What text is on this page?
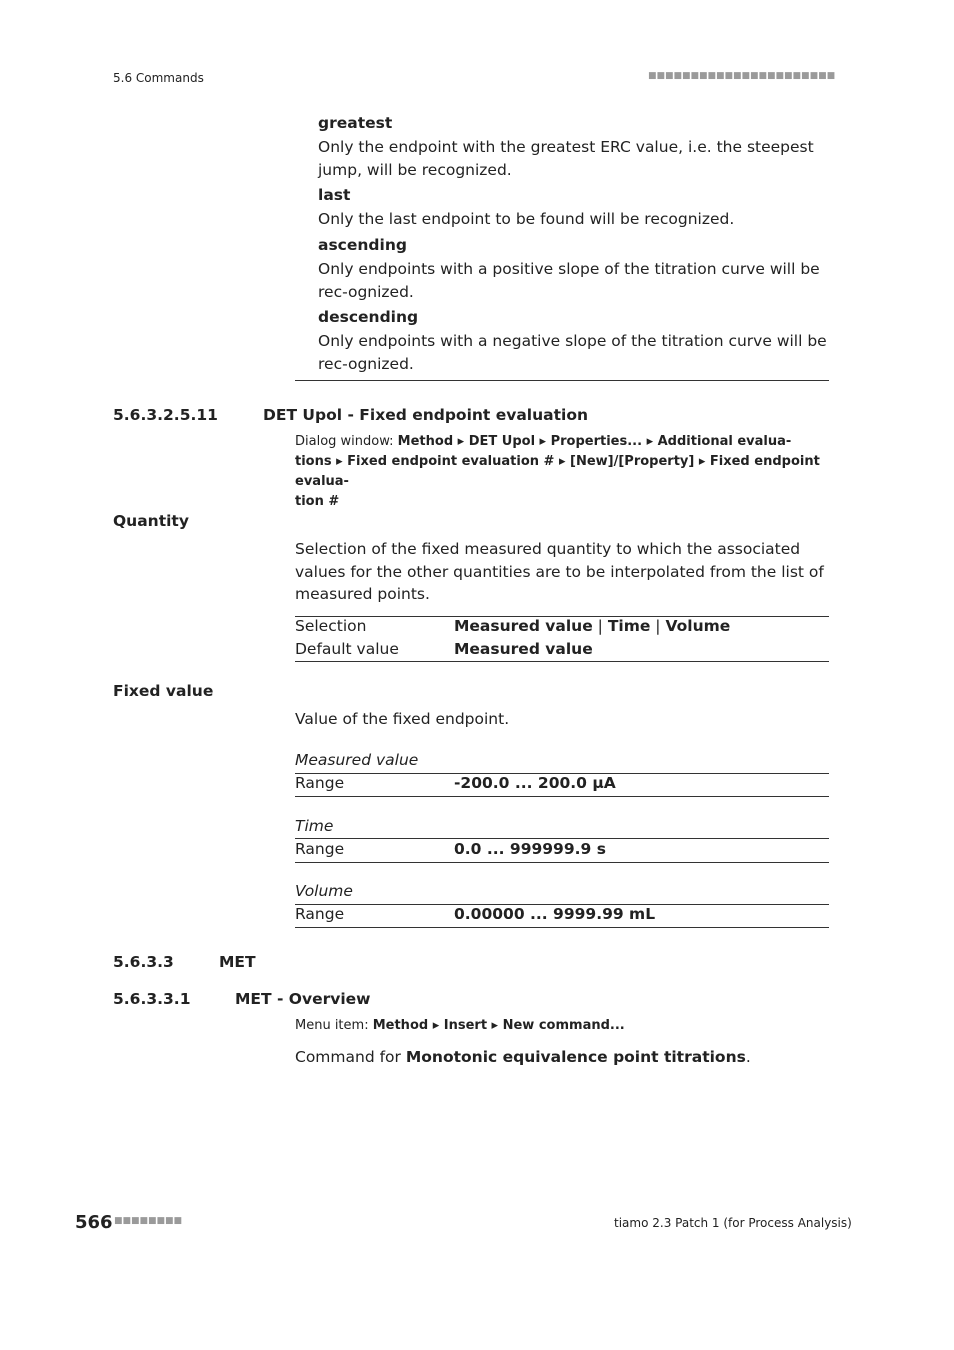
5.6 Commands	■■■■■■■■■■■■■■■■■■■■■■
greatest
Only the endpoint with the greatest ERC value, i.e. the steepest jump, will be recognized.
last
Only the last endpoint to be found will be recognized.
ascending
Only endpoints with a positive slope of the titration curve will be rec-ognized.
descending
Only endpoints with a negative slope of the titration curve will be rec-ognized.
5.6.3.2.5.11	DET Upol - Fixed endpoint evaluation
Dialog window: Method ▸ DET Upol ▸ Properties... ▸ Additional evalua-
tions ▸ Fixed endpoint evaluation # ▸ [New]/[Property] ▸ Fixed endpoint evalua-
tion #
Quantity
Selection of the fixed measured quantity to which the associated values for the other quantities are to be interpolated from the list of measured points.
Selection	Measured value | Time | Volume
Default value	Measured value
Fixed value
Value of the fixed endpoint.
Measured value
Range	-200.0 ... 200.0 µA
Time
Range	0.0 ... 999999.9 s
Volume
Range	0.00000 ... 9999.99 mL
5.6.3.3	MET
5.6.3.3.1	MET - Overview
Menu item: Method ▸ Insert ▸ New command...
Command for Monotonic equivalence point titrations.
566 ■■■■■■■■	tiamo 2.3 Patch 1 (for Process Analysis)
